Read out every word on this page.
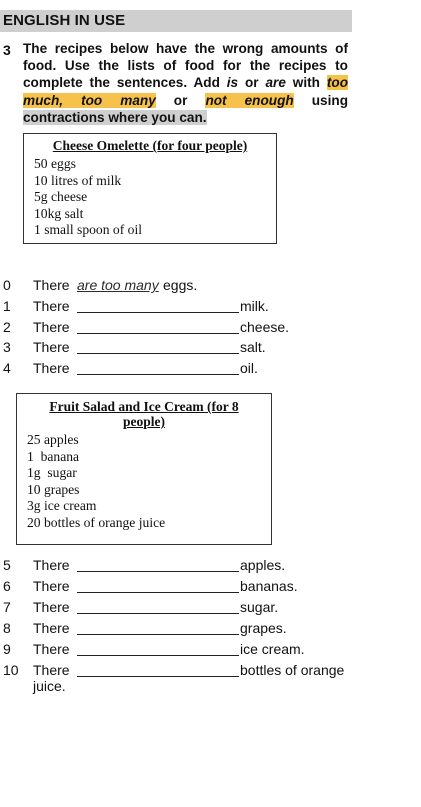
ENGLISH IN USE
3 The recipes below have the wrong amounts of
food. Use the lists of food for the recipes to
complete the sentences. Add is or are with too
much, too many or not enough using
contractions where you can.
Cheese Omelette (for four people)
50 eggs
10 litres of milk
5g cheese
10kg salt
1 small spoon of oil
0 There are too many eggs.
1 There	milk.
2 There	cheese.
3 There	salt.
4 There	oil.
Fruit Salad and Ice Cream (for 8 people)
25 apples
1  banana
1g  sugar
10 grapes
3g ice cream
20 bottles of orange juice
5 There	apples.
6 There	bananas.
7 There	sugar.
8 There	grapes.
9 There	ice cream.
10 There	bottles of orange
juice.
